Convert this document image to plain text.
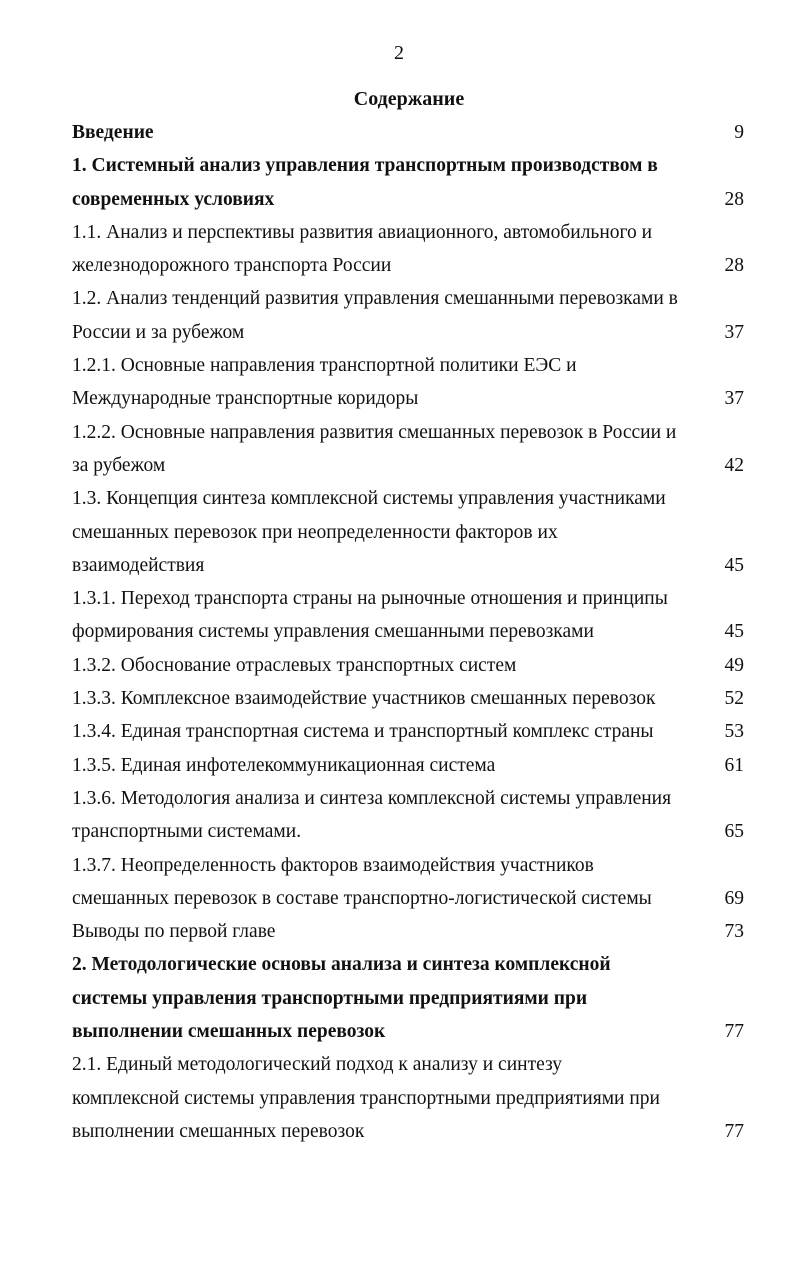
2
Содержание
Введение	9
1. Системный анализ управления транспортным производством в
современных условиях	28
1.1. Анализ и перспективы развития авиационного, автомобильного и
железнодорожного транспорта России	28
1.2. Анализ тенденций развития управления смешанными перевозками в
России и за рубежом	37
1.2.1. Основные направления транспортной политики ЕЭС и
Международные транспортные коридоры	37
1.2.2. Основные направления развития смешанных перевозок в России и
за рубежом	42
1.3. Концепция синтеза комплексной системы управления участниками
смешанных перевозок при неопределенности факторов их
взаимодействия	45
1.3.1. Переход транспорта страны на рыночные отношения и принципы
формирования системы управления смешанными перевозками	45
1.3.2. Обоснование отраслевых транспортных систем	49
1.3.3. Комплексное взаимодействие участников смешанных перевозок	52
1.3.4. Единая транспортная система и транспортный комплекс страны	53
1.3.5. Единая инфотелекоммуникационная система	61
1.3.6. Методология анализа и синтеза комплексной системы управления
транспортными системами.	65
1.3.7. Неопределенность факторов взаимодействия участников
смешанных перевозок в составе транспортно-логистической системы	69
Выводы по первой главе	73
2. Методологические основы анализа и синтеза комплексной
системы управления транспортными предприятиями при
выполнении смешанных перевозок	77
2.1. Единый методологический подход к анализу и синтезу
комплексной системы управления транспортными предприятиями при
выполнении смешанных перевозок	77
